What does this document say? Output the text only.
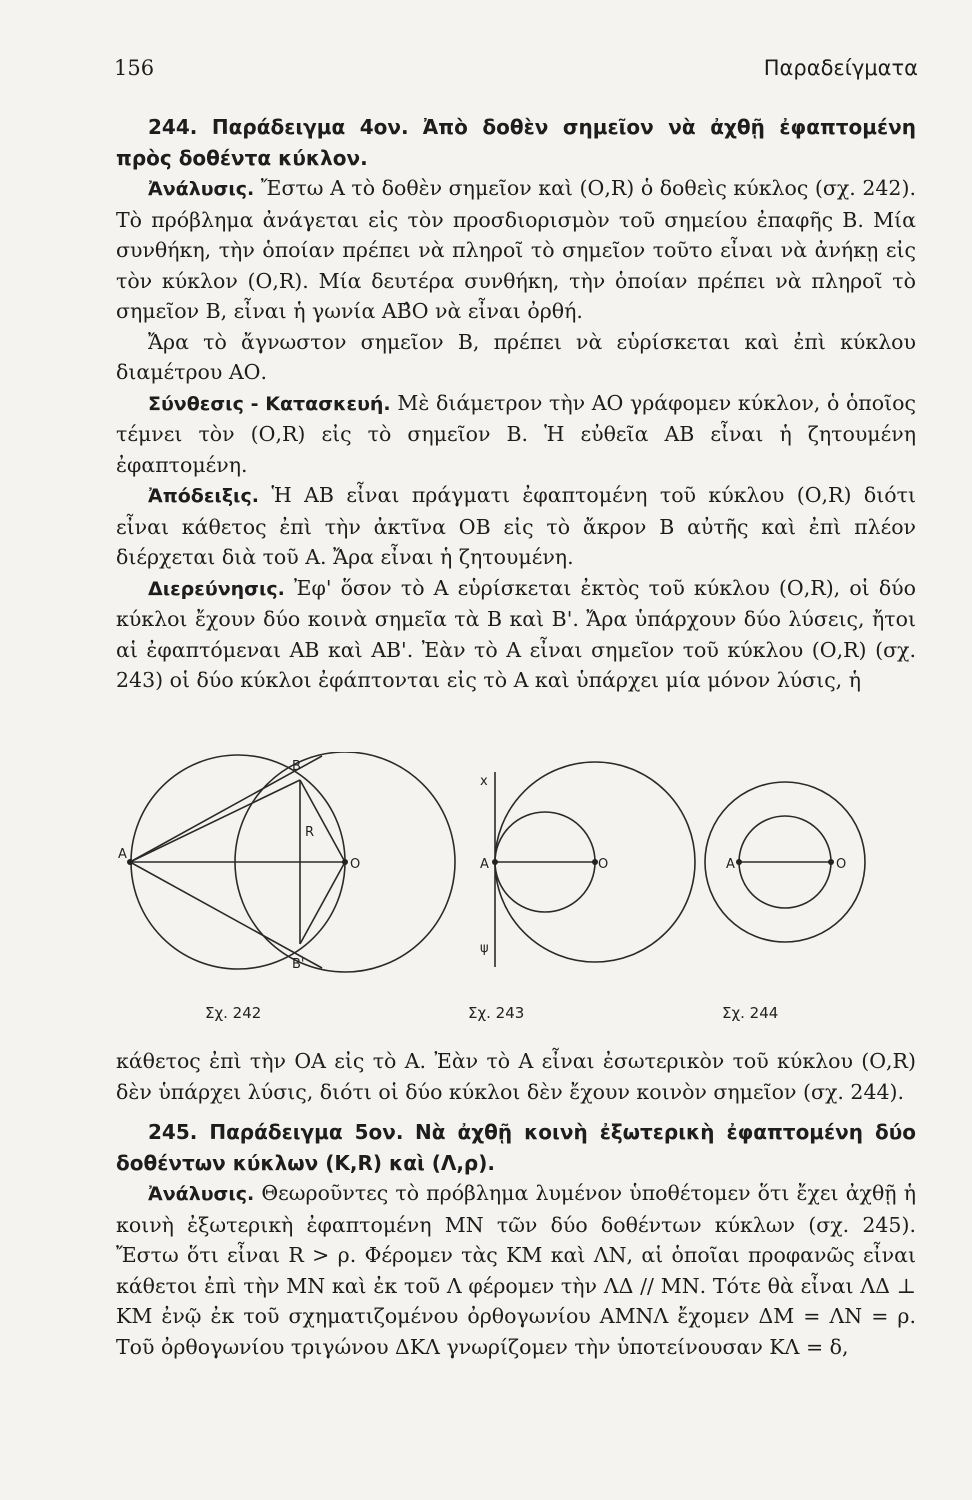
156	Παραδείγματα

244. Παράδειγμα 4ον. Ἀπὸ δοθὲν σημεῖον νὰ ἀχθῇ ἐφαπτομένη πρὸς δοθέντα κύκλον.

Ἀνάλυσις. Ἔστω Α τὸ δοθὲν σημεῖον καὶ (Ο,R) ὁ δοθεὶς κύκλος (σχ. 242). Τὸ πρόβλημα ἀνάγεται εἰς τὸν προσδιορισμὸν τοῦ σημείου ἐπαφῆς Β. Μία συνθήκη, τὴν ὁποίαν πρέπει νὰ πληροῖ τὸ σημεῖον τοῦτο εἶναι νὰ ἀνήκῃ εἰς τὸν κύκλον (Ο,R). Μία δευτέρα συνθήκη, τὴν ὁποίαν πρέπει νὰ πληροῖ τὸ σημεῖον Β, εἶναι ἡ γωνία ΑΒ̂Ο νὰ εἶναι ὀρθή.

Ἄρα τὸ ἄγνωστον σημεῖον Β, πρέπει νὰ εὑρίσκεται καὶ ἐπὶ κύκλου διαμέτρου ΑΟ.

Σύνθεσις - Κατασκευή. Μὲ διάμετρον τὴν ΑΟ γράφομεν κύκλον, ὁ ὁποῖος τέμνει τὸν (Ο,R) εἰς τὸ σημεῖον Β. Ἡ εὐθεῖα ΑΒ εἶναι ἡ ζητουμένη ἐφαπτομένη.

Ἀπόδειξις. Ἡ ΑΒ εἶναι πράγματι ἐφαπτομένη τοῦ κύκλου (Ο,R) διότι εἶναι κάθετος ἐπὶ τὴν ἀκτῖνα ΟΒ εἰς τὸ ἄκρον Β αὐτῆς καὶ ἐπὶ πλέον διέρχεται διὰ τοῦ Α. Ἄρα εἶναι ἡ ζητουμένη.

Διερεύνησις. Ἐφ' ὅσον τὸ Α εὑρίσκεται ἐκτὸς τοῦ κύκλου (Ο,R), οἱ δύο κύκλοι ἔχουν δύο κοινὰ σημεῖα τὰ Β καὶ Β'. Ἄρα ὑπάρχουν δύο λύσεις, ἤτοι αἱ ἐφαπτόμεναι ΑΒ καὶ ΑΒ'. Ἐὰν τὸ Α εἶναι σημεῖον τοῦ κύκλου (Ο,R) (σχ. 243) οἱ δύο κύκλοι ἐφάπτονται εἰς τὸ Α καὶ ὑπάρχει μία μόνον λύσις, ἡ

A
B
B'
R
O
Σχ. 242
x
ψ
A	O
Σχ. 243
A	O
Σχ. 244

κάθετος ἐπὶ τὴν ΟΑ εἰς τὸ Α. Ἐὰν τὸ Α εἶναι ἐσωτερικὸν τοῦ κύκλου (Ο,R) δὲν ὑπάρχει λύσις, διότι οἱ δύο κύκλοι δὲν ἔχουν κοινὸν σημεῖον (σχ. 244).

245. Παράδειγμα 5ον. Νὰ ἀχθῇ κοινὴ ἐξωτερικὴ ἐφαπτομένη δύο δοθέντων κύκλων (Κ,R) καὶ (Λ,ρ).

Ἀνάλυσις. Θεωροῦντες τὸ πρόβλημα λυμένον ὑποθέτομεν ὅτι ἔχει ἀχθῇ ἡ κοινὴ ἐξωτερικὴ ἐφαπτομένη ΜΝ τῶν δύο δοθέντων κύκλων (σχ. 245). Ἔστω ὅτι εἶναι R > ρ. Φέρομεν τὰς ΚΜ καὶ ΛΝ, αἱ ὁποῖαι προφανῶς εἶναι κάθετοι ἐπὶ τὴν ΜΝ καὶ ἐκ τοῦ Λ φέρομεν τὴν ΛΔ // ΜΝ. Τότε θὰ εἶναι ΛΔ ⊥ ΚΜ ἐνῷ ἐκ τοῦ σχηματιζομένου ὀρθογωνίου ΑΜΝΛ ἔχομεν ΔΜ = ΛΝ = ρ. Τοῦ ὀρθογωνίου τριγώνου ΔΚΛ γνωρίζομεν τὴν ὑποτείνουσαν ΚΛ = δ,
